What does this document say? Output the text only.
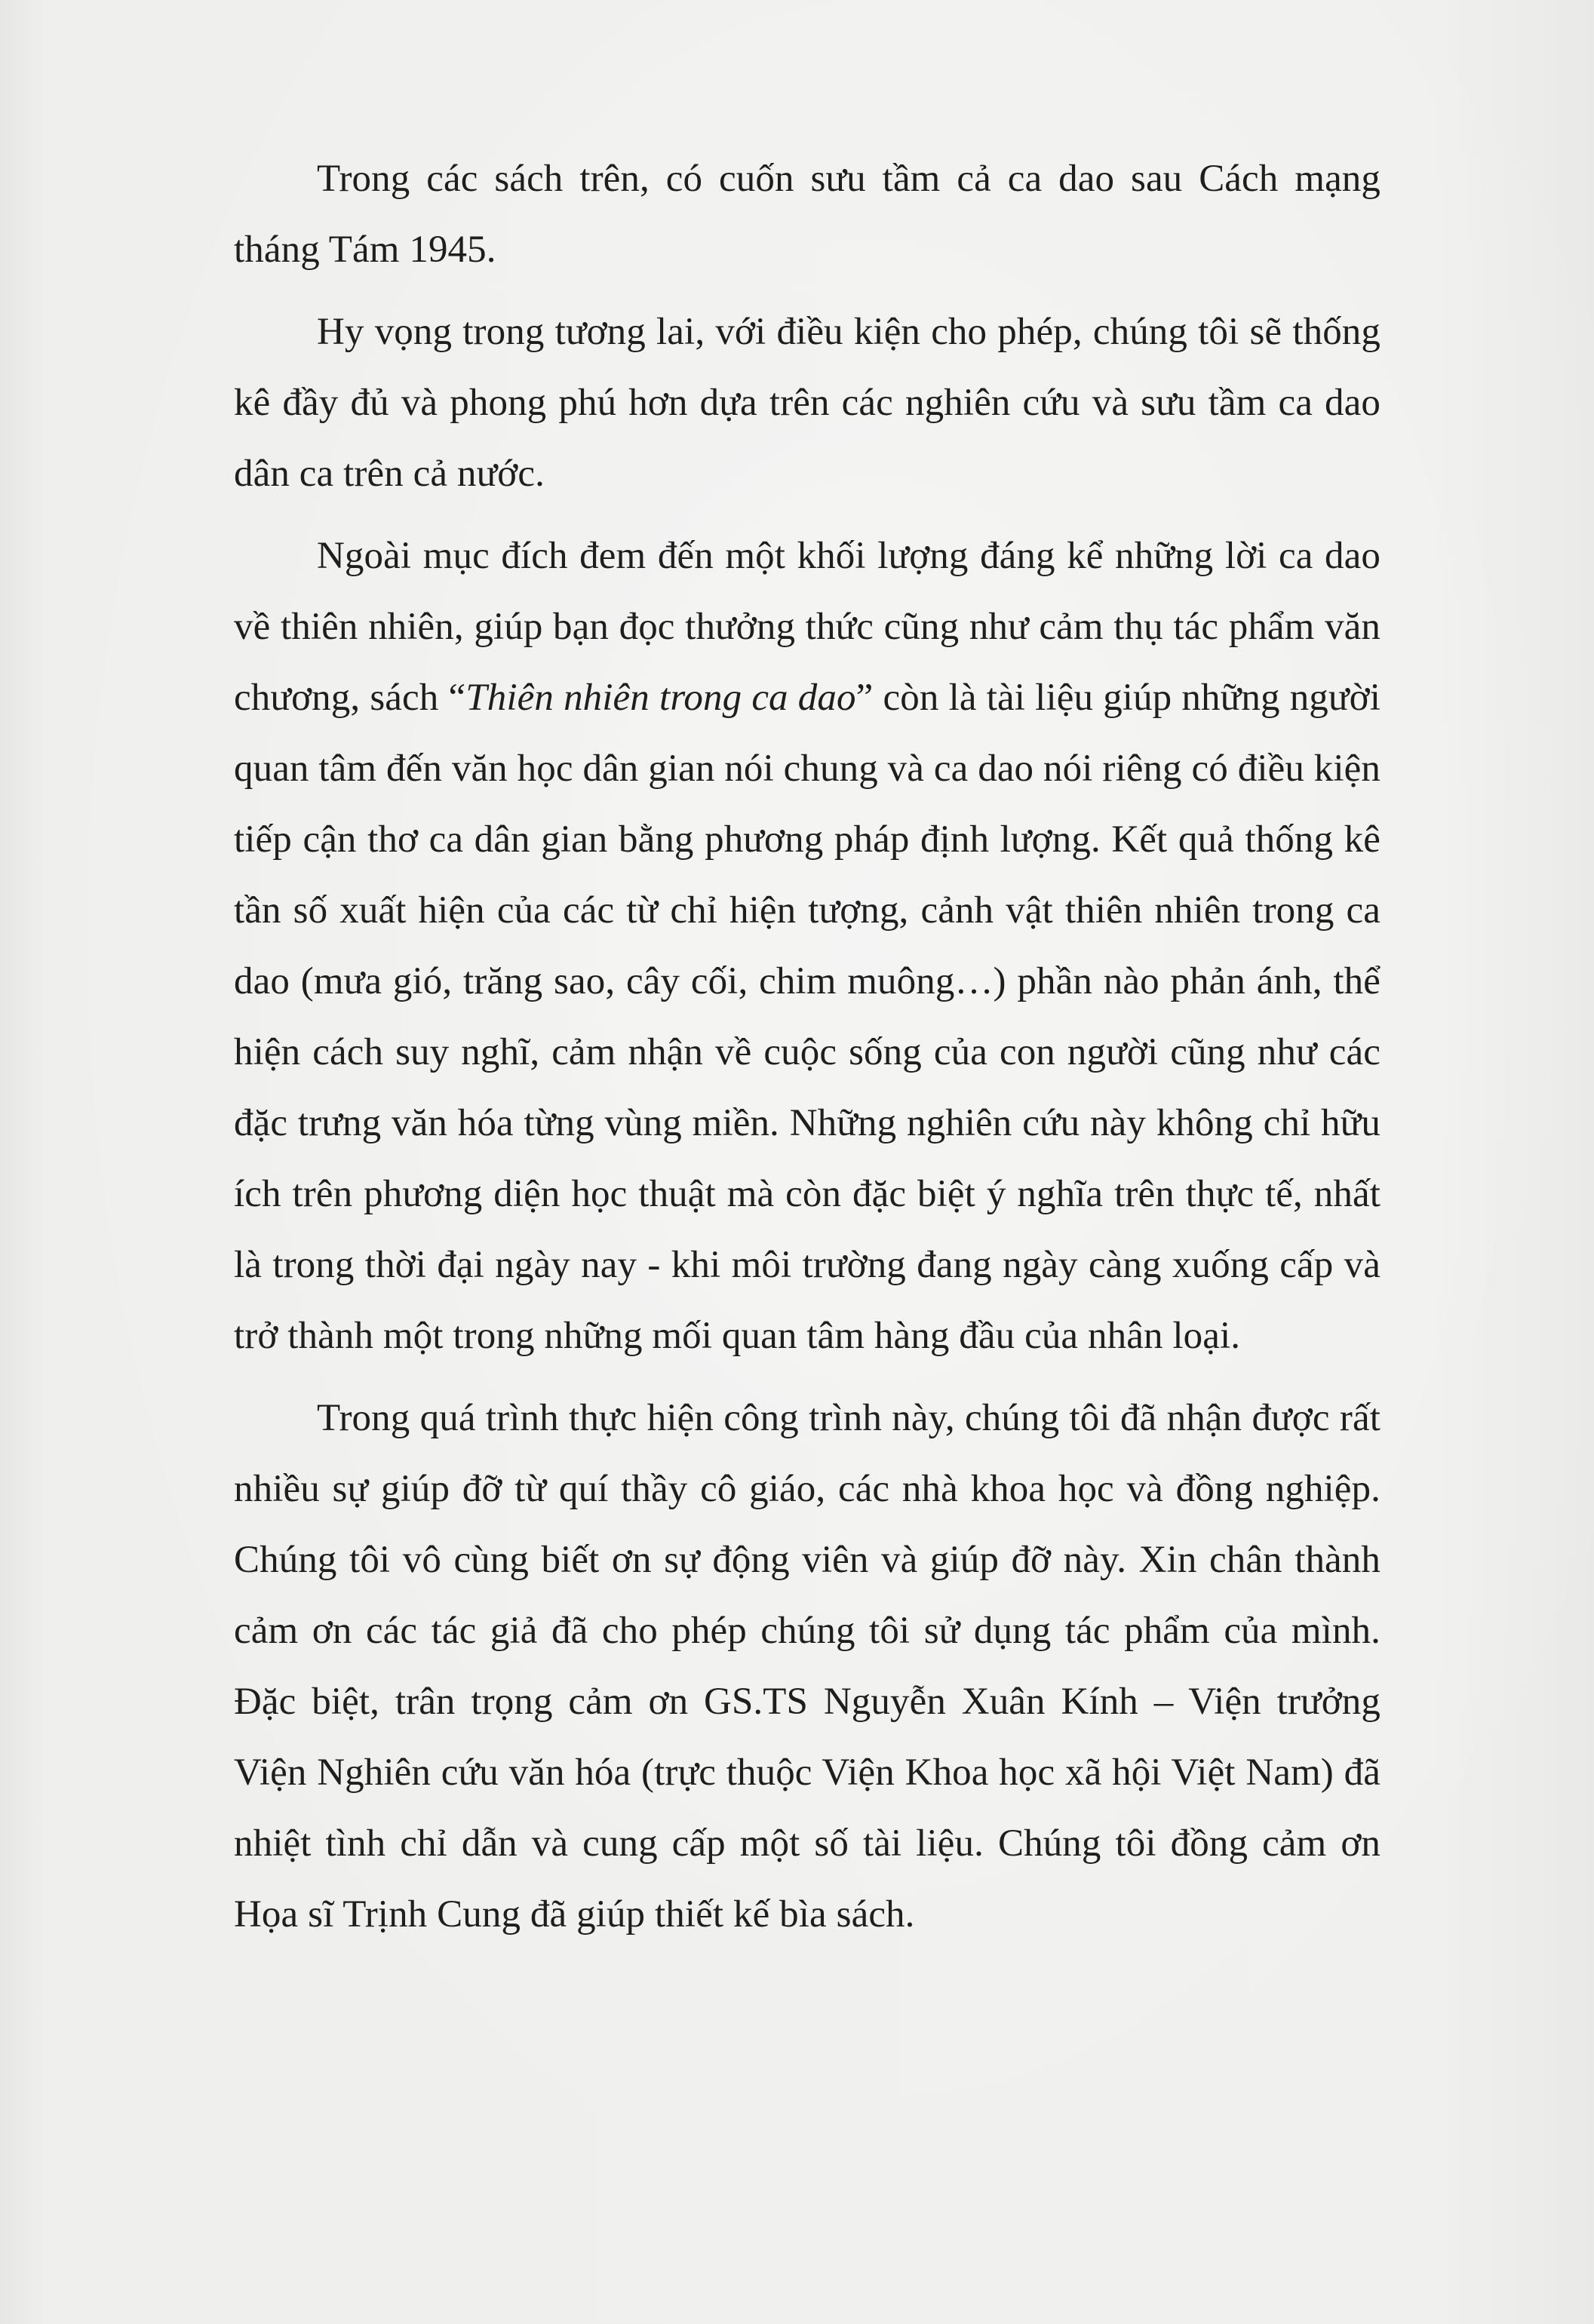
Trong các sách trên, có cuốn sưu tầm cả ca dao sau Cách mạng tháng Tám 1945.

Hy vọng trong tương lai, với điều kiện cho phép, chúng tôi sẽ thống kê đầy đủ và phong phú hơn dựa trên các nghiên cứu và sưu tầm ca dao dân ca trên cả nước.

Ngoài mục đích đem đến một khối lượng đáng kể những lời ca dao về thiên nhiên, giúp bạn đọc thưởng thức cũng như cảm thụ tác phẩm văn chương, sách “Thiên nhiên trong ca dao” còn là tài liệu giúp những người quan tâm đến văn học dân gian nói chung và ca dao nói riêng có điều kiện tiếp cận thơ ca dân gian bằng phương pháp định lượng. Kết quả thống kê tần số xuất hiện của các từ chỉ hiện tượng, cảnh vật thiên nhiên trong ca dao (mưa gió, trăng sao, cây cối, chim muông…) phần nào phản ánh, thể hiện cách suy nghĩ, cảm nhận về cuộc sống của con người cũng như các đặc trưng văn hóa từng vùng miền. Những nghiên cứu này không chỉ hữu ích trên phương diện học thuật mà còn đặc biệt ý nghĩa trên thực tế, nhất là trong thời đại ngày nay - khi môi trường đang ngày càng xuống cấp và trở thành một trong những mối quan tâm hàng đầu của nhân loại.

Trong quá trình thực hiện công trình này, chúng tôi đã nhận được rất nhiều sự giúp đỡ từ quí thầy cô giáo, các nhà khoa học và đồng nghiệp. Chúng tôi vô cùng biết ơn sự động viên và giúp đỡ này. Xin chân thành cảm ơn các tác giả đã cho phép chúng tôi sử dụng tác phẩm của mình. Đặc biệt, trân trọng cảm ơn GS.TS Nguyễn Xuân Kính – Viện trưởng Viện Nghiên cứu văn hóa (trực thuộc Viện Khoa học xã hội Việt Nam) đã nhiệt tình chỉ dẫn và cung cấp một số tài liệu. Chúng tôi đồng cảm ơn Họa sĩ Trịnh Cung đã giúp thiết kế bìa sách.
